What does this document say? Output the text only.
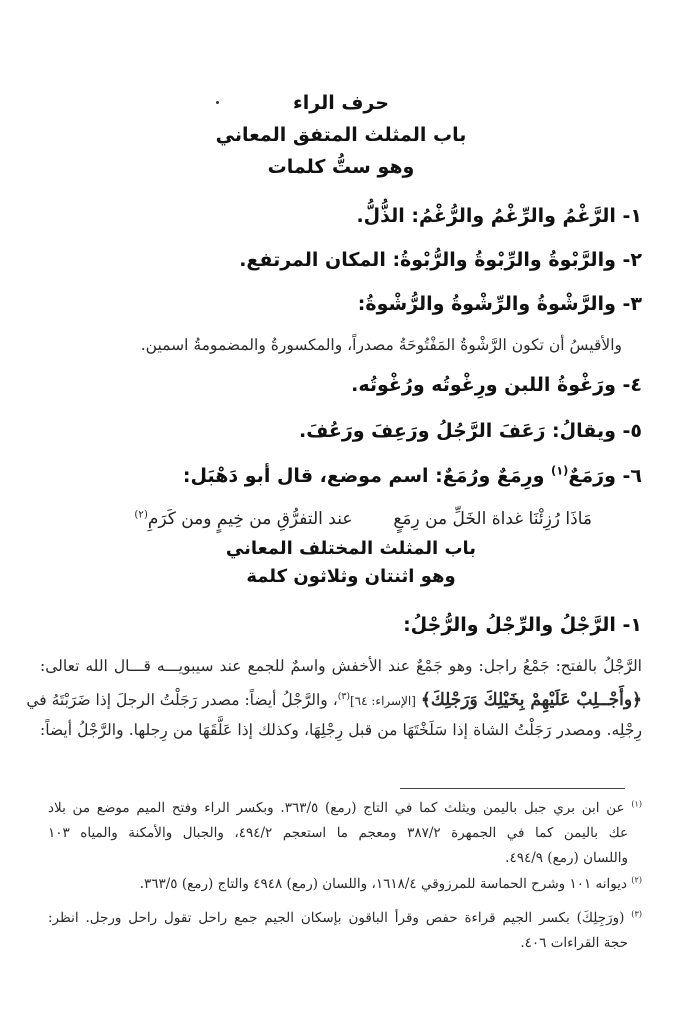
حرف الراء
باب المثلث المتفق المعاني
وهو ستُّ كلمات
١- الرَّغْمُ والرِّغْمُ والرُّغْمُ: الذُّلُّ.
٢- والرَّبْوةُ والرِّبْوةُ والرُّبْوةُ: المكان المرتفع.
٣- والرَّشْوةُ والرِّشْوةُ والرُّشْوةُ:
والأقيسُ أن تكون الرَّشْوةُ المَفْتُوحَةُ مصدراً، والمكسورةُ والمضمومةُ اسمين.
٤- ورَغْوةُ اللبن ورِغْوتُه ورُغْوتُه.
٥- ويقالُ: رَعَفَ الرَّجُلُ ورَعِفَ ورَعُفَ.
٦- ورَمَعٌ$^{(١)}$ ورِمَعٌ ورُمَعٌ: اسم موضع، قال أبو دَهْبَل:
مَاذَا رُزِئْنَا غداة الخَلِّ من رِمَعٍ  عند التفرُّقِ من خِيمٍ ومن كَرَمِ$^{(٢)}$
باب المثلث المختلف المعاني
وهو اثنتان وثلاثون كلمة
١- الرَّجْلُ والرِّجْلُ والرُّجْلُ:
الرَّجْلُ بالفتح: جَمْعُ راجل: وهو جَمْعٌ عند الأخفش واسمٌ للجمع عند سيبويـــه قـــال الله تعالى:
﴿وأَجْــلِبْ عَلَيْهِمْ بِخَيْلِكَ وَرَجْلِكَ﴾ [الإسراء: ٦٤]$^{(٣)}$، والرَّجْلُ أيضاً: مصدر رَجَلْتُ الرجلَ إذا ضَرَبْتَهُ في
رِجْلِه. ومصدر رَجَلْتُ الشاة إذا سَلَخْتَهَا من قبل رِجْلِهَا، وكذلك إذا عَلَّقَهَا من رِجلها. والرَّجْلُ أيضاً:
$^{(١)}$ عن ابن بري جبل باليمن ويثلث كما في التاج (رمع) ٣٦٣/٥. وبكسر الراء وفتح الميم موضع من بلاد
عك باليمن كما في الجمهرة ٣٨٧/٢ ومعجم ما استعجم ٤٩٤/٢، والجبال والأمكنة والمياه ١٠٣
واللسان (رمع) ٤٩٤/٩.
$^{(٢)}$ ديوانه ١٠١ وشرح الحماسة للمرزوقي ١٦١٨/٤، واللسان (رمع) ٤٩٤٨ والتاج (رمع) ٣٦٣/٥.
$^{(٣)}$ (ورَجِلِكَ) بكسر الجيم قراءة حفص وقرأ الباقون بإسكان الجيم جمع راحل تقول راحل ورجل. انظر:
حجة القراءات ٤٠٦.
